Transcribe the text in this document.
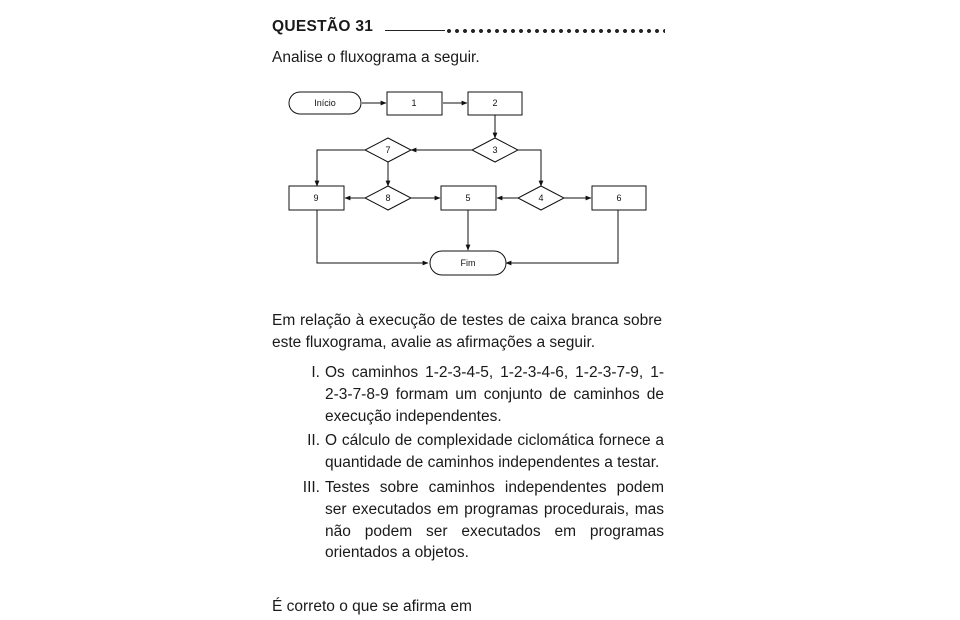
QUESTÃO 31
Analise o fluxograma a seguir.
Início	1	2
3
4
5	6
7
8
9
Fim
Em relação à execução de testes de caixa branca sobre este fluxograma, avalie as afirmações a seguir.
I. Os caminhos 1-2-3-4-5, 1-2-3-4-6, 1-2-3-7-9, 1-2-3-7-8-9 formam um conjunto de caminhos de execução independentes.
II. O cálculo de complexidade ciclomática fornece a quantidade de caminhos independentes a testar.
III. Testes sobre caminhos independentes podem ser executados em programas procedurais, mas não podem ser executados em programas orientados a objetos.
É correto o que se afirma em
